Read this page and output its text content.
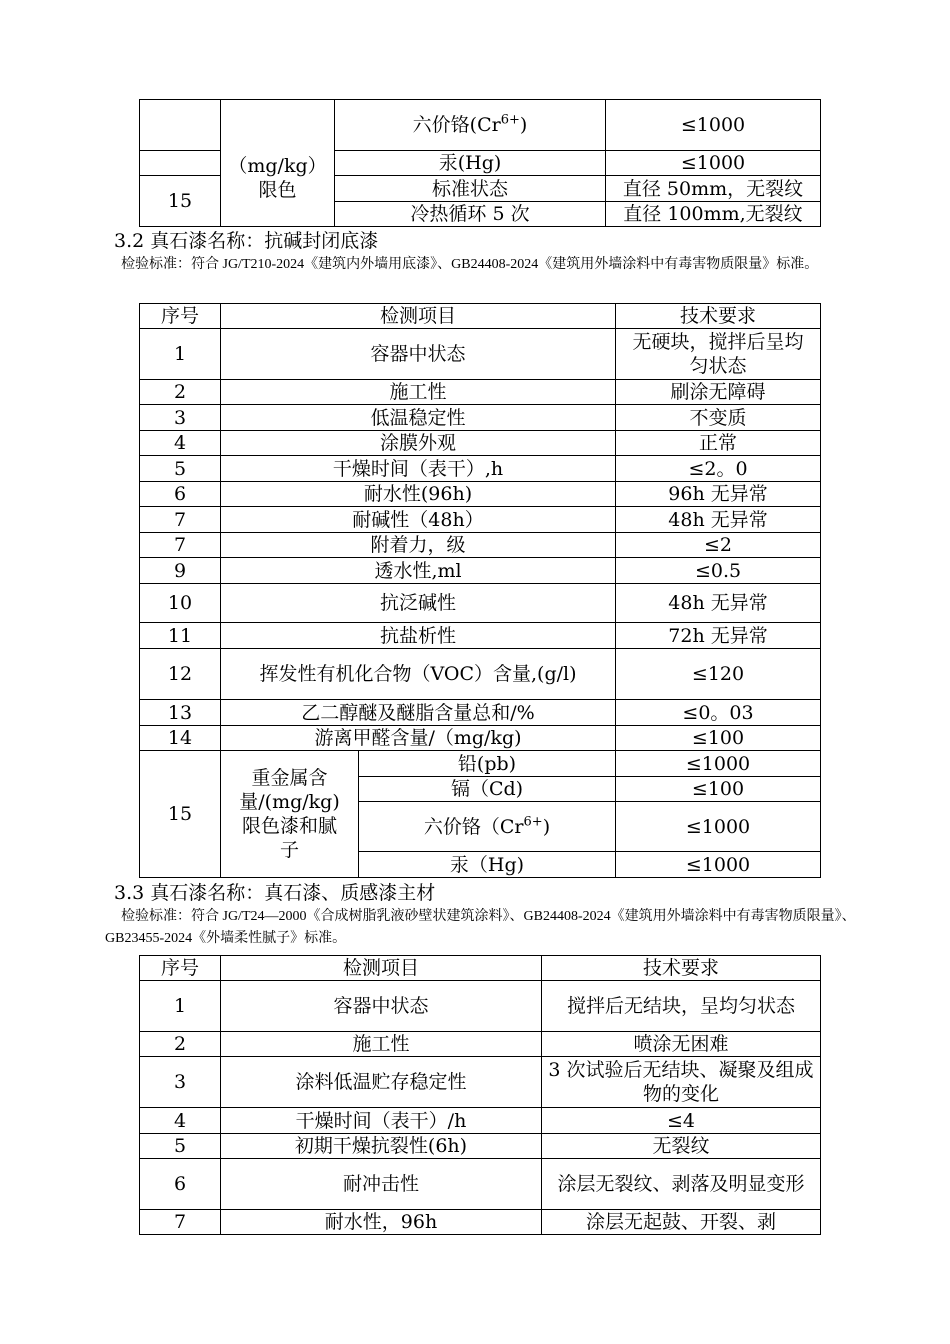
	（mg/kg）限色	六价铬$(Cr^{6+})$	≤1000
		汞(Hg)	≤1000
15		标准状态	直径 50mm，无裂纹
		冷热循环 5 次	直径 100mm,无裂纹
3.2 真石漆名称：抗碱封闭底漆
检验标准：符合 JG/T210-2024《建筑内外墙用底漆》、GB24408-2024《建筑用外墙涂料中有毒害物质限量》标准。
序号	检测项目		技术要求
1	容器中状态		无硬块，搅拌后呈均匀状态
2	施工性		刷涂无障碍
3	低温稳定性		不变质
4	涂膜外观		正常
5	干燥时间（表干）,h		≤2。0
6	耐水性(96h)		96h 无异常
7	耐碱性（48h）		48h 无异常
7	附着力，级		≤2
9	透水性,ml		≤0.5
10	抗泛碱性		48h 无异常
11	抗盐析性		72h 无异常
12	挥发性有机化合物（VOC）含量,(g/l)		≤120
13	乙二醇醚及醚脂含量总和/%		≤0。03
14	游离甲醛含量/（mg/kg)		≤100
15	重金属含量/(mg/kg)限色漆和腻子	铅(pb)	≤1000
		镉（Cd)	≤100
		六价铬$(Cr^{6+})$	≤1000
		汞（Hg)	≤1000
3.3 真石漆名称：真石漆、质感漆主材
检验标准：符合 JG/T24—2000《合成树脂乳液砂壁状建筑涂料》、GB24408-2024《建筑用外墙涂料中有毒害物质限量》、GB23455-2024《外墙柔性腻子》标准。
序号	检测项目	技术要求
1	容器中状态	搅拌后无结块，呈均匀状态
2	施工性	喷涂无困难
3	涂料低温贮存稳定性	3 次试验后无结块、凝聚及组成物的变化
4	干燥时间（表干）/h	≤4
5	初期干燥抗裂性(6h)	无裂纹
6	耐冲击性	涂层无裂纹、剥落及明显变形
7	耐水性，96h	涂层无起鼓、开裂、剥
